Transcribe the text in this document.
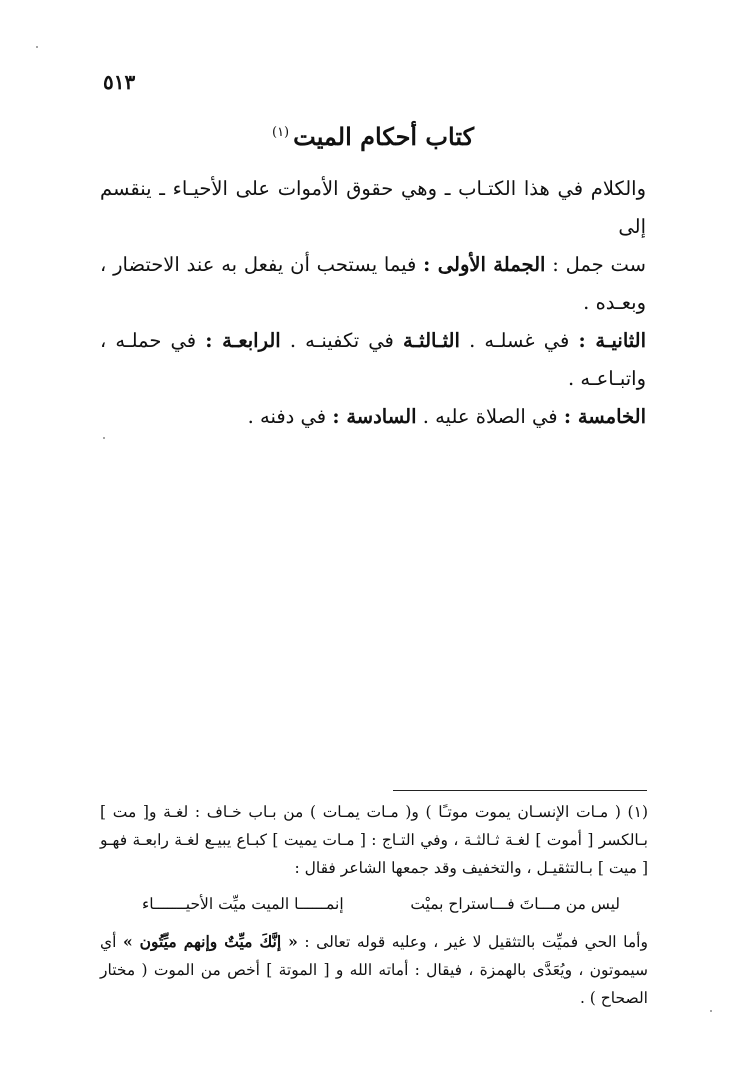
٥١٣
كتاب أحكام الميت$^{(١)}$

والكلام في هذا الكتـاب ـ وهي حقوق الأموات على الأحيـاء ـ ينقسم إلى

ست جمل : الجملة الأولى : فيما يستحب أن يفعل به عند الاحتضار ، وبعـده .

الثانيـة : في غسلـه . الثـالثـة في تكفينـه . الرابعـة : في حملـه ، واتبـاعـه .

الخامسة : في الصلاة عليه . السادسة : في دفنه .

(١) ( مـات الإنسـان يموت موتـًا ) و( مـات يمـات ) من بـاب خـاف : لغـة و[ مت ] بـالكسر [ أموت ] لغـة ثـالثـة ، وفي التـاج : [ مـات يميت ] كبـاع يبيـع لغـة رابعـة فهـو [ ميت ] بـالتثقيـل ، والتخفيف وقد جمعها الشاعر فقال :

ليس من مـــاتَ فـــاستراح بميْت
إنمــــــا الميت ميِّت الأحيـــــــاء

وأما الحي فميِّت بالتثقيل لا غير ، وعليه قوله تعالى : « إنَّكَ ميِّتٌ وإنهم ميِّتُون » أي سيموتون ، ويُعَدَّى بالهمزة ، فيقال : أماته الله و [ الموتة ] أخص من الموت ( مختار الصحاح ) .
